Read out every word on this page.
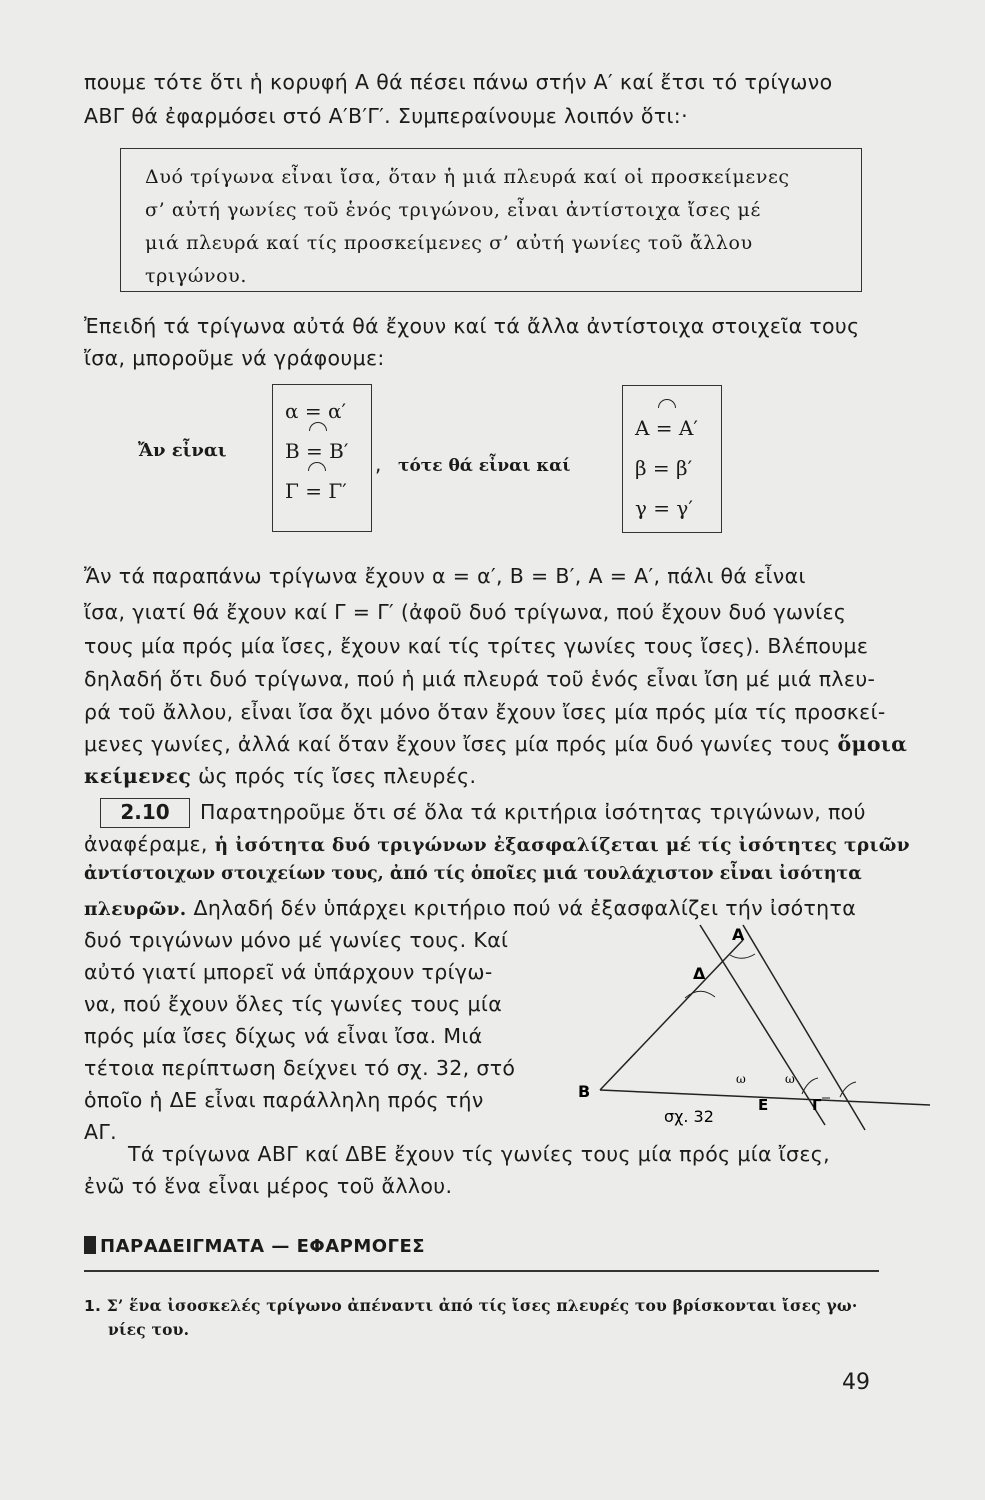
πουμε τότε ὅτι ἡ κορυφή Α θά πέσει πάνω στήν Α′ καί ἔτσι τό τρίγωνο
ΑΒΓ θά ἐφαρμόσει στό Α′Β′Γ′. Συμπεραίνουμε λοιπόν ὅτι:·
Δυό τρίγωνα εἶναι ἴσα, ὅταν ἡ μιά πλευρά καί οἱ προσκείμενες
σ’ αὐτή γωνίες τοῦ ἑνός τριγώνου, εἶναι ἀντίστοιχα ἴσες μέ
μιά πλευρά καί τίς προσκείμενες σ’ αὐτή γωνίες τοῦ ἄλλου
τριγώνου.
Ἐπειδή τά τρίγωνα αὐτά θά ἔχουν καί τά ἄλλα ἀντίστοιχα στοιχεῖα τους
ἴσα, μποροῦμε νά γράφουμε:
Ἄν εἶναι
α = α′
Β = Β′
Γ = Γ′
, τότε θά εἶναι καί
Α = Α′
β = β′
γ = γ′
Ἄν τά παραπάνω τρίγωνα ἔχουν α = α′, Β = Β′, Α = Α′, πάλι θά εἶναι
ἴσα, γιατί θά ἔχουν καί Γ = Γ′ (ἀφοῦ δυό τρίγωνα, πού ἔχουν δυό γωνίες
τους μία πρός μία ἴσες, ἔχουν καί τίς τρίτες γωνίες τους ἴσες). Βλέπουμε
δηλαδή ὅτι δυό τρίγωνα, πού ἡ μιά πλευρά τοῦ ἑνός εἶναι ἴση μέ μιά πλευ-
ρά τοῦ ἄλλου, εἶναι ἴσα ὄχι μόνο ὅταν ἔχουν ἴσες μία πρός μία τίς προσκεί-
μενες γωνίες, ἀλλά καί ὅταν ἔχουν ἴσες μία πρός μία δυό γωνίες τους ὅμοια
κείμενες ὡς πρός τίς ἴσες πλευρές.
2.10	Παρατηροῦμε ὅτι σέ ὅλα τά κριτήρια ἰσότητας τριγώνων, πού
ἀναφέραμε, ἡ ἰσότητα δυό τριγώνων ἐξασφαλίζεται μέ τίς ἰσότητες τριῶν
ἀντίστοιχων στοιχείων τους, ἀπό τίς ὁποῖες μιά τουλάχιστον εἶναι ἰσότητα
πλευρῶν. Δηλαδή δέν ὑπάρχει κριτήριο πού νά ἐξασφαλίζει τήν ἰσότητα
δυό τριγώνων μόνο μέ γωνίες τους. Καί
αὐτό γιατί μπορεῖ νά ὑπάρχουν τρίγω-
να, πού ἔχουν ὅλες τίς γωνίες τους μία
πρός μία ἴσες δίχως νά εἶναι ἴσα. Μιά
τέτοια περίπτωση δείχνει τό σχ. 32, στό
ὁποῖο ἡ ΔΕ εἶναι παράλληλη πρός τήν
ΑΓ.
Β
Α
Δ
Ε	Γ
ω	ω
σχ. 32
Τά τρίγωνα ΑΒΓ καί ΔΒΕ ἔχουν τίς γωνίες τους μία πρός μία ἴσες,
ἐνῶ τό ἕνα εἶναι μέρος τοῦ ἄλλου.
ΠΑΡΑΔΕΙΓΜΑΤΑ — ΕΦΑΡΜΟΓΕΣ
1. Σ’ ἕνα ἰσοσκελές τρίγωνο ἀπέναντι ἀπό τίς ἴσες πλευρές του βρίσκονται ἴσες γω·
νίες του.
49
